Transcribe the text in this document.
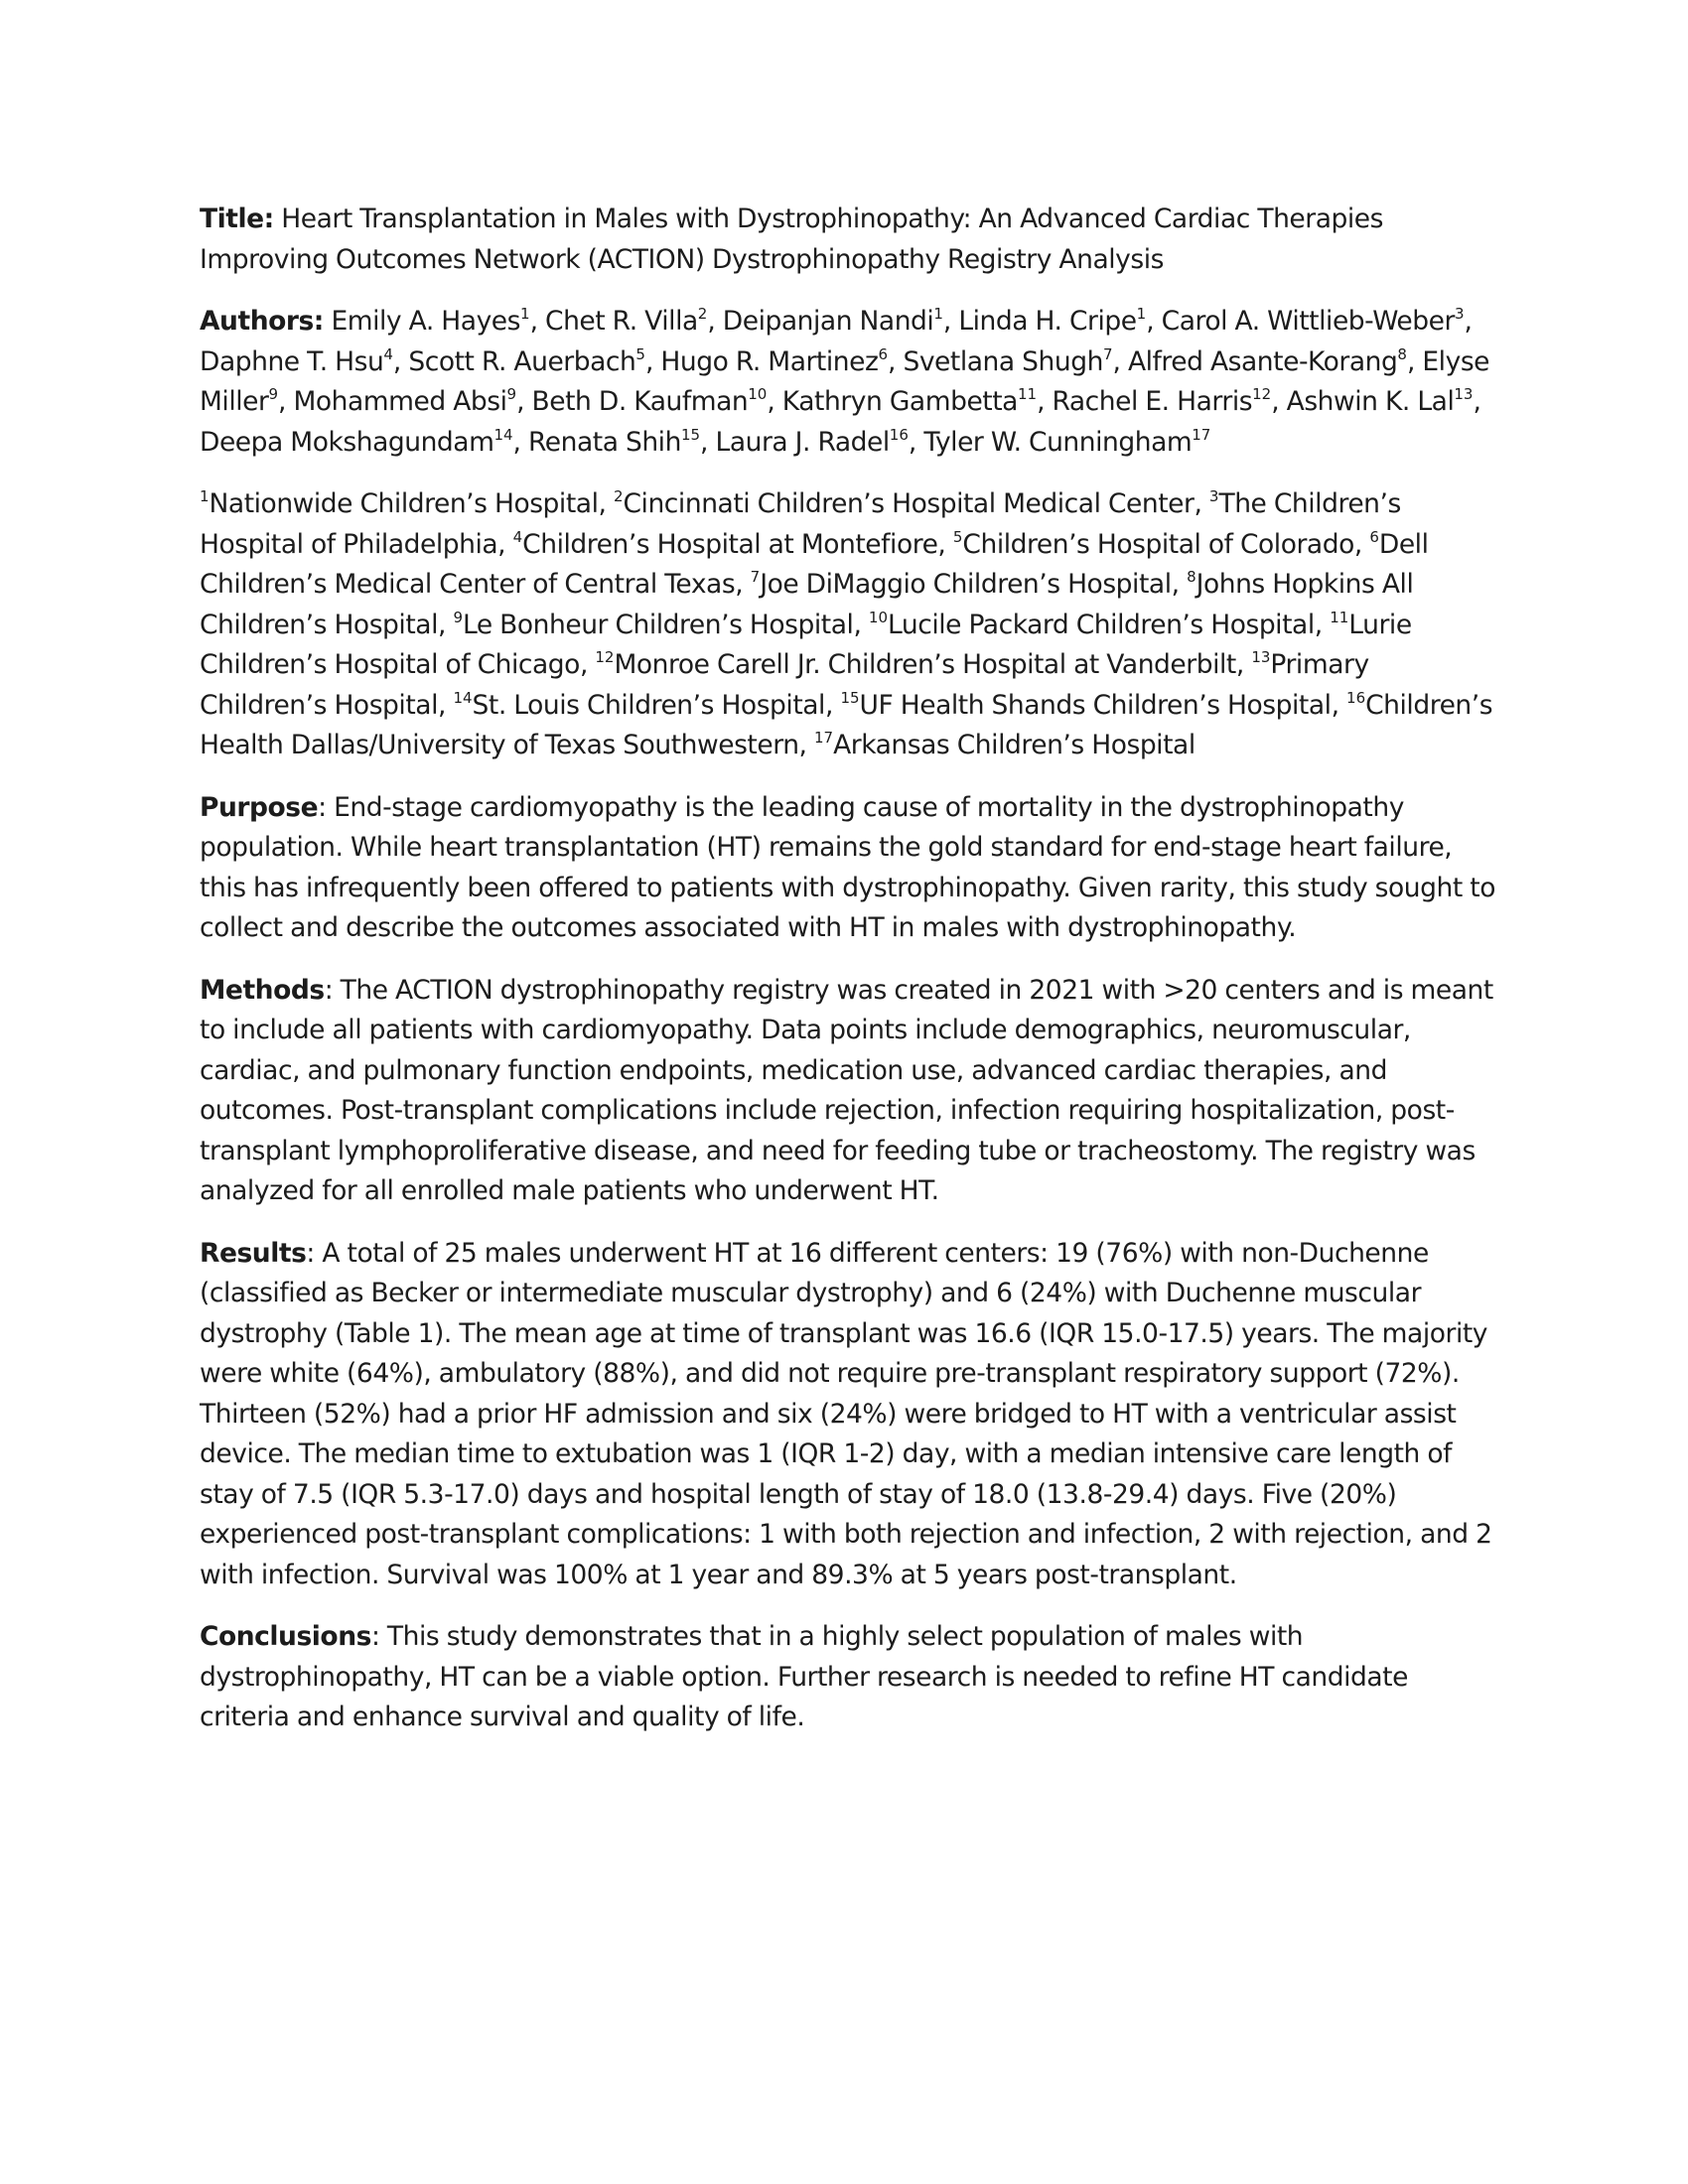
Title: Heart Transplantation in Males with Dystrophinopathy: An Advanced Cardiac Therapies Improving Outcomes Network (ACTION) Dystrophinopathy Registry Analysis

Authors: Emily A. Hayes$^1$, Chet R. Villa$^2$, Deipanjan Nandi$^1$, Linda H. Cripe$^1$, Carol A. Wittlieb-Weber$^3$, Daphne T. Hsu$^4$, Scott R. Auerbach$^5$, Hugo R. Martinez$^6$, Svetlana Shugh$^7$, Alfred Asante-Korang$^8$, Elyse Miller$^9$, Mohammed Absi$^9$, Beth D. Kaufman$^{10}$, Kathryn Gambetta$^{11}$, Rachel E. Harris$^{12}$, Ashwin K. Lal$^{13}$, Deepa Mokshagundam$^{14}$, Renata Shih$^{15}$, Laura J. Radel$^{16}$, Tyler W. Cunningham$^{17}$

$^1$Nationwide Children’s Hospital, $^2$Cincinnati Children’s Hospital Medical Center, $^3$The Children’s Hospital of Philadelphia, $^4$Children’s Hospital at Montefiore, $^5$Children’s Hospital of Colorado, $^6$Dell Children’s Medical Center of Central Texas, $^7$Joe DiMaggio Children’s Hospital, $^8$Johns Hopkins All Children’s Hospital, $^9$Le Bonheur Children’s Hospital, $^{10}$Lucile Packard Children’s Hospital, $^{11}$Lurie Children’s Hospital of Chicago, $^{12}$Monroe Carell Jr. Children’s Hospital at Vanderbilt, $^{13}$Primary Children’s Hospital, $^{14}$St. Louis Children’s Hospital, $^{15}$UF Health Shands Children’s Hospital, $^{16}$Children’s Health Dallas/University of Texas Southwestern, $^{17}$Arkansas Children’s Hospital

Purpose: End-stage cardiomyopathy is the leading cause of mortality in the dystrophinopathy population. While heart transplantation (HT) remains the gold standard for end-stage heart failure, this has infrequently been offered to patients with dystrophinopathy. Given rarity, this study sought to collect and describe the outcomes associated with HT in males with dystrophinopathy.

Methods: The ACTION dystrophinopathy registry was created in 2021 with >20 centers and is meant to include all patients with cardiomyopathy. Data points include demographics, neuromuscular, cardiac, and pulmonary function endpoints, medication use, advanced cardiac therapies, and outcomes. Post-transplant complications include rejection, infection requiring hospitalization, post-transplant lymphoproliferative disease, and need for feeding tube or tracheostomy. The registry was analyzed for all enrolled male patients who underwent HT.

Results: A total of 25 males underwent HT at 16 different centers: 19 (76%) with non-Duchenne (classified as Becker or intermediate muscular dystrophy) and 6 (24%) with Duchenne muscular dystrophy (Table 1). The mean age at time of transplant was 16.6 (IQR 15.0-17.5) years. The majority were white (64%), ambulatory (88%), and did not require pre-transplant respiratory support (72%). Thirteen (52%) had a prior HF admission and six (24%) were bridged to HT with a ventricular assist device. The median time to extubation was 1 (IQR 1-2) day, with a median intensive care length of stay of 7.5 (IQR 5.3-17.0) days and hospital length of stay of 18.0 (13.8-29.4) days. Five (20%) experienced post-transplant complications: 1 with both rejection and infection, 2 with rejection, and 2 with infection. Survival was 100% at 1 year and 89.3% at 5 years post-transplant.

Conclusions: This study demonstrates that in a highly select population of males with dystrophinopathy, HT can be a viable option. Further research is needed to refine HT candidate criteria and enhance survival and quality of life.
